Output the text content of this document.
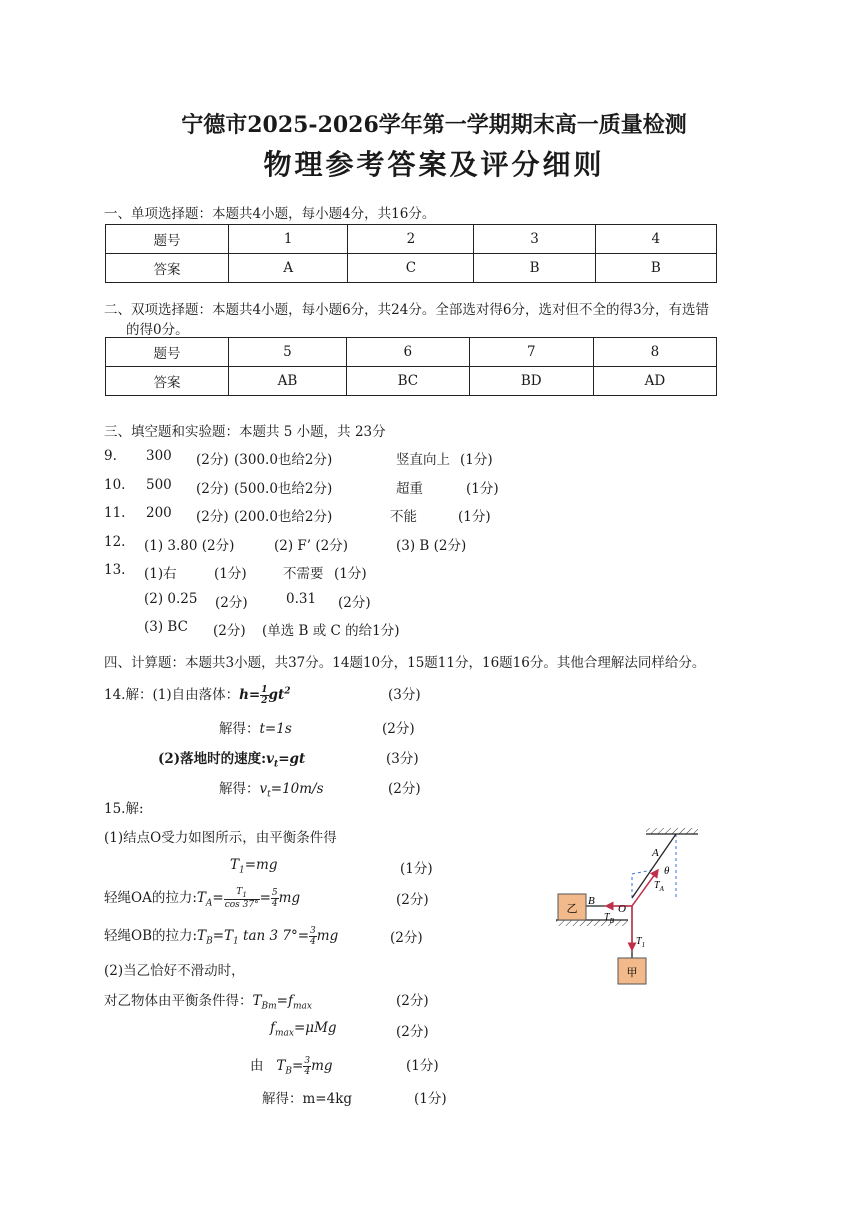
宁德市2025-2026学年第一学期期末高一质量检测
物理参考答案及评分细则
一、单项选择题：本题共4小题，每小题4分，共16分。
题号	1	2	3	4
答案	A	C	B	B
二、双项选择题：本题共4小题，每小题6分，共24分。全部选对得6分，选对但不全的得3分，有选错
的得0分。
题号	5	6	7	8
答案	AB	BC	BD	AD
三、填空题和实验题：本题共 5 小题，共 23分
9. 300 (2分) (300.0也给2分)	竖直向上 (1分)
10. 500 (2分) (500.0也给2分)	超重	(1分)
11. 200 (2分) (200.0也给2分)	不能	(1分)
12. (1) 3.80 (2分)	(2) F’ (2分)	(3) B (2分)
13. (1)右	(1分)	不需要 (1分)
(2) 0.25 (2分)	0.31 (2分)
(3) BC (2分) (单选 B 或 C 的给1分)
四、计算题：本题共3小题，共37分。14题10分，15题11分，16题16分。其他合理解法同样给分。
14.解：(1)自由落体：$h= \frac{1}{2} gt^2$	(3分)
解得：t=1s	(2分)
(2)落地时的速度$:v_t=gt$	(3分)
解得：$v_t=10m/s$	(2分)
15.解:
(1)结点O受力如图所示，由平衡条件得
$T_1=mg$	(1分)
轻绳OA的拉力$:T_A= \frac{T_1}{\cos 37^\circ} = \frac{5}{4}$ mg	(2分)
轻绳OB的拉力$:T_B=T_1$ tan 3 $7^\circ= \frac{3}{4}$ mg	(2分)
(2)当乙恰好不滑动时，
对乙物体由平衡条件得：$T_{Bm}=f_{max}$	(2分)
$f_{max}=\mu Mg$	(2分)
由 $T_B= \frac{3}{4}$ mg	(1分)
解得：m=4kg	(1分)
乙
甲
A
θ
B
O
$T_A$
$T_B$
$T_1$
